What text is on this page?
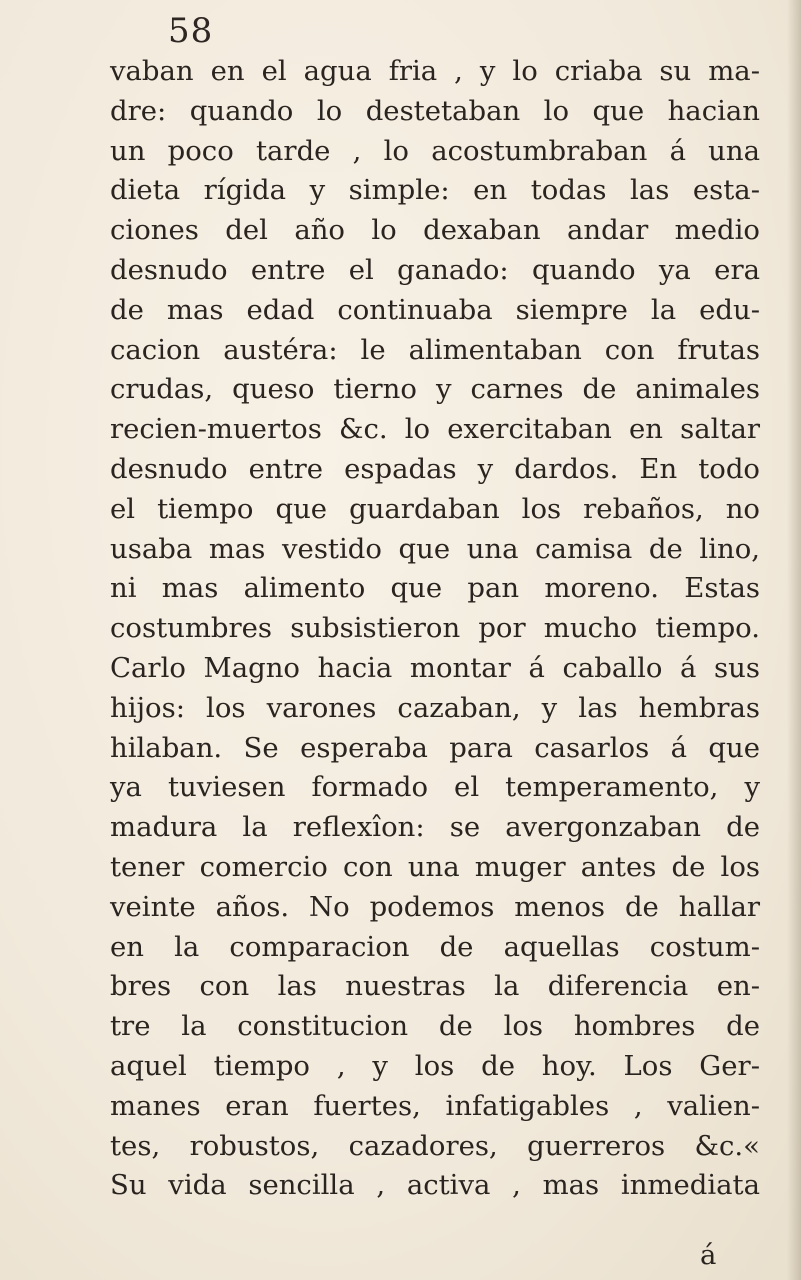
58
vaban en el agua fria , y lo criaba su ma-
dre: quando lo destetaban lo que hacian
un poco tarde , lo acostumbraban á una
dieta rígida y simple: en todas las esta-
ciones del año lo dexaban andar medio
desnudo entre el ganado: quando ya era
de mas edad continuaba siempre la edu-
cacion austéra: le alimentaban con frutas
crudas, queso tierno y carnes de animales
recien-muertos &c. lo exercitaban en saltar
desnudo entre espadas y dardos. En todo
el tiempo que guardaban los rebaños, no
usaba mas vestido que una camisa de lino,
ni mas alimento que pan moreno. Estas
costumbres subsistieron por mucho tiempo.
Carlo Magno hacia montar á caballo á sus
hijos: los varones cazaban, y las hembras
hilaban. Se esperaba para casarlos á que
ya tuviesen formado el temperamento, y
madura la reflexîon: se avergonzaban de
tener comercio con una muger antes de los
veinte años. No podemos menos de hallar
en la comparacion de aquellas costum-
bres con las nuestras la diferencia en-
tre la constitucion de los hombres de
aquel tiempo , y los de hoy. Los Ger-
manes eran fuertes, infatigables , valien-
tes, robustos, cazadores, guerreros &c.«
Su vida sencilla , activa , mas inmediata
á
